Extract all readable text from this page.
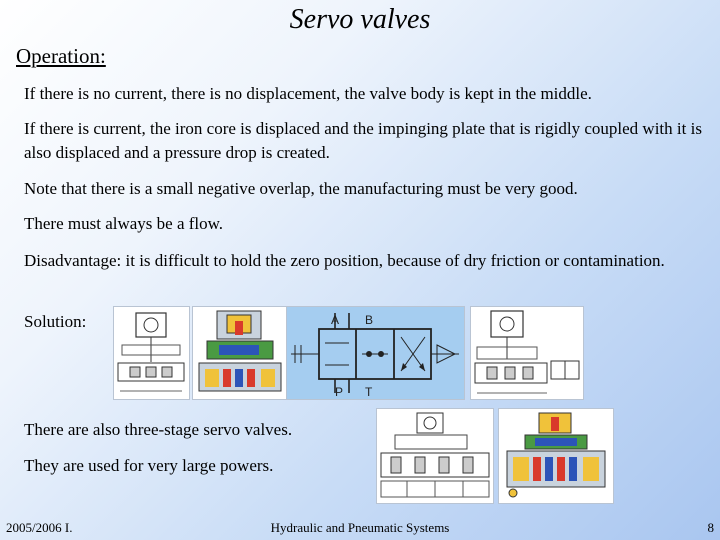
Servo valves
Operation:
If there is no current, there is no displacement, the valve body is kept in the middle.
If there is current, the iron core is displaced and the impinging plate that is rigidly coupled with it is also displaced and a pressure drop is created.
Note that there is a small negative overlap, the manufacturing must be very good.
There must always be a flow.
Disadvantage: it is difficult to hold the zero position, because of dry friction or contamination.
Solution:
There are also three-stage servo valves.
They are used for very large powers.
A B
P T
2005/2006 I.	Hydraulic and Pneumatic Systems	8
